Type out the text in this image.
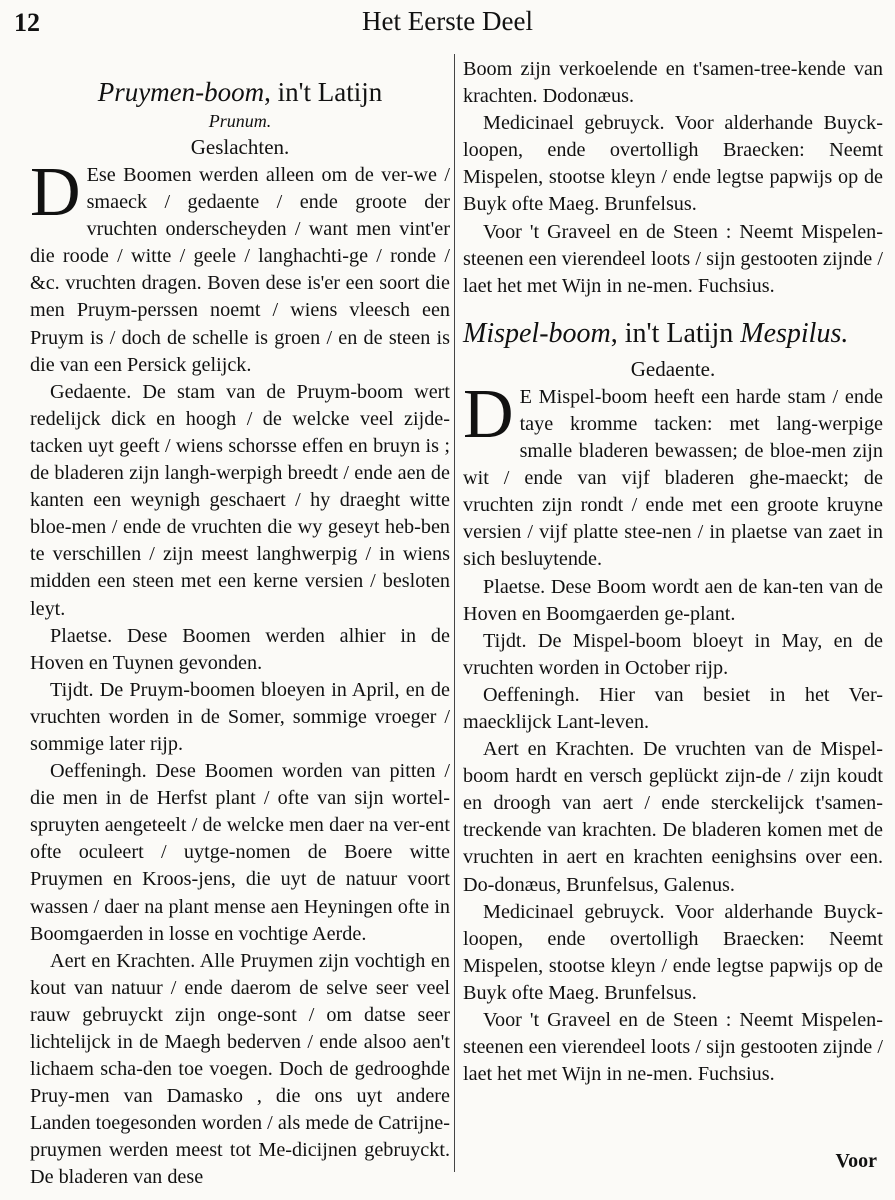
12	Het Eerste Deel
Pruymen-boom, in't Latijn
Prunum.
Geslachten.

D Ese Boomen werden alleen om de ver-we / smaeck / gedaente / ende groote der vruchten onderscheyden / want men vint'er die roode / witte / geele / langhachti-ge / ronde / &c. vruchten dragen. Boven dese is'er een soort die men Pruym-perssen noemt / wiens vleesch een Pruym is / doch de schelle is groen / en de steen is die van een Persick gelijck.

Gedaente. De stam van de Pruym-boom wert redelijck dick en hoogh / de welcke veel zijde-tacken uyt geeft / wiens schorsse effen en bruyn is ; de bladeren zijn langh-werpigh breedt / ende aen de kanten een weynigh geschaert / hy draeght witte bloe-men / ende de vruchten die wy geseyt heb-ben te verschillen / zijn meest langhwerpig / in wiens midden een steen met een kerne versien / besloten leyt.

Plaetse. Dese Boomen werden alhier in de Hoven en Tuynen gevonden.

Tijdt. De Pruym-boomen bloeyen in April, en de vruchten worden in de Somer, sommige vroeger / sommige later rijp.

Oeffeningh. Dese Boomen worden van pitten / die men in de Herfst plant / ofte van sijn wortel-spruyten aengeteelt / de welcke men daer na ver-ent ofte oculeert / uytge-nomen de Boere witte Pruymen en Kroos-jens, die uyt de natuur voort wassen / daer na plant mense aen Heyningen ofte in Boomgaerden in losse en vochtige Aerde.

Aert en Krachten. Alle Pruymen zijn vochtigh en kout van natuur / ende daerom de selve seer veel rauw gebruyckt zijn onge-sont / om datse seer lichtelijck in de Maegh bederven / ende alsoo aen't lichaem scha-den toe voegen. Doch de gedrooghde Pruy-men van Damasko , die ons uyt andere Landen toegesonden worden / als mede de Catrijne-pruymen werden meest tot Me-dicijnen gebruyckt. De bladeren van dese

Boom zijn verkoelende en t'samen-tree-kende van krachten. Dodonæus.

Medicinael gebruyck. Voor alderhande Buyck-loopen, ende overtolligh Braecken: Neemt Mispelen, stootse kleyn / ende legtse papwijs op de Buyk ofte Maeg. Brunfelsus.

Voor 't Graveel en de Steen : Neemt Mispelen-steenen een vierendeel loots / sijn gestooten zijnde / laet het met Wijn in ne-men. Fuchsius.

Mispel-boom, in't Latijn Mespilus.
Gedaente.

D E Mispel-boom heeft een harde stam / ende taye kromme tacken: met lang-werpige smalle bladeren bewassen; de bloe-men zijn wit / ende van vijf bladeren ghe-maeckt; de vruchten zijn rondt / ende met een groote kruyne versien / vijf platte stee-nen / in plaetse van zaet in sich besluytende.

Plaetse. Dese Boom wordt aen de kan-ten van de Hoven en Boomgaerden ge-plant.

Tijdt. De Mispel-boom bloeyt in May, en de vruchten worden in October rijp.

Oeffeningh. Hier van besiet in het Ver-maecklijck Lant-leven.

Aert en Krachten. De vruchten van de Mispel-boom hardt en versch geplückt zijn-de / zijn koudt en droogh van aert / ende sterckelijck t'samen-treckende van krachten. De bladeren komen met de vruchten in aert en krachten eenighsins over een. Do-donæus, Brunfelsus, Galenus.

Medicinael gebruyck. Voor alderhande Buyck-loopen, ende overtolligh Braecken: Neemt Mispelen, stootse kleyn / ende legtse papwijs op de Buyk ofte Maeg. Brunfelsus.

Voor 't Graveel en de Steen : Neemt Mispelen-steenen een vierendeel loots / sijn gestooten zijnde / laet het met Wijn in ne-men. Fuchsius.

Voor
